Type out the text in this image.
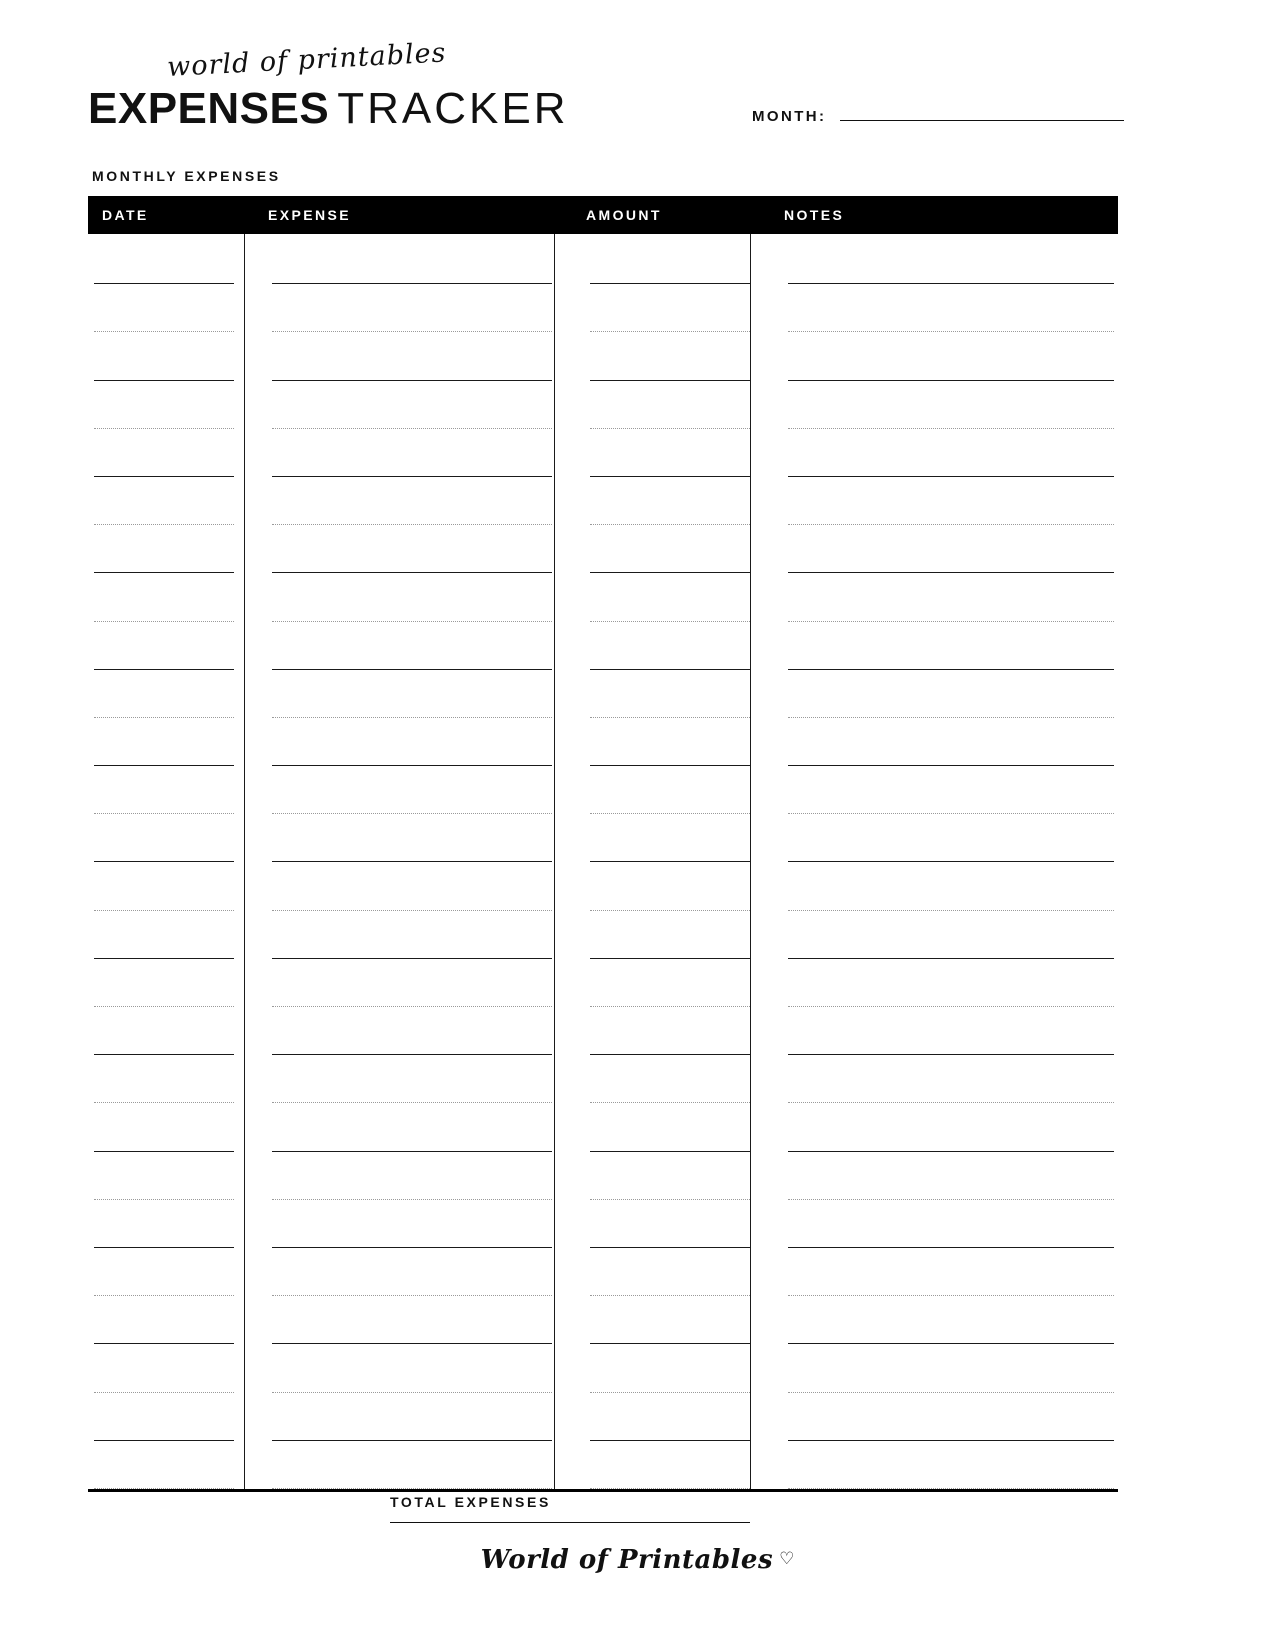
world of printables
EXPENSES TRACKER	MONTH:
MONTHLY EXPENSES
DATE	EXPENSE	AMOUNT	NOTES
TOTAL EXPENSES
World of Printables ♡
